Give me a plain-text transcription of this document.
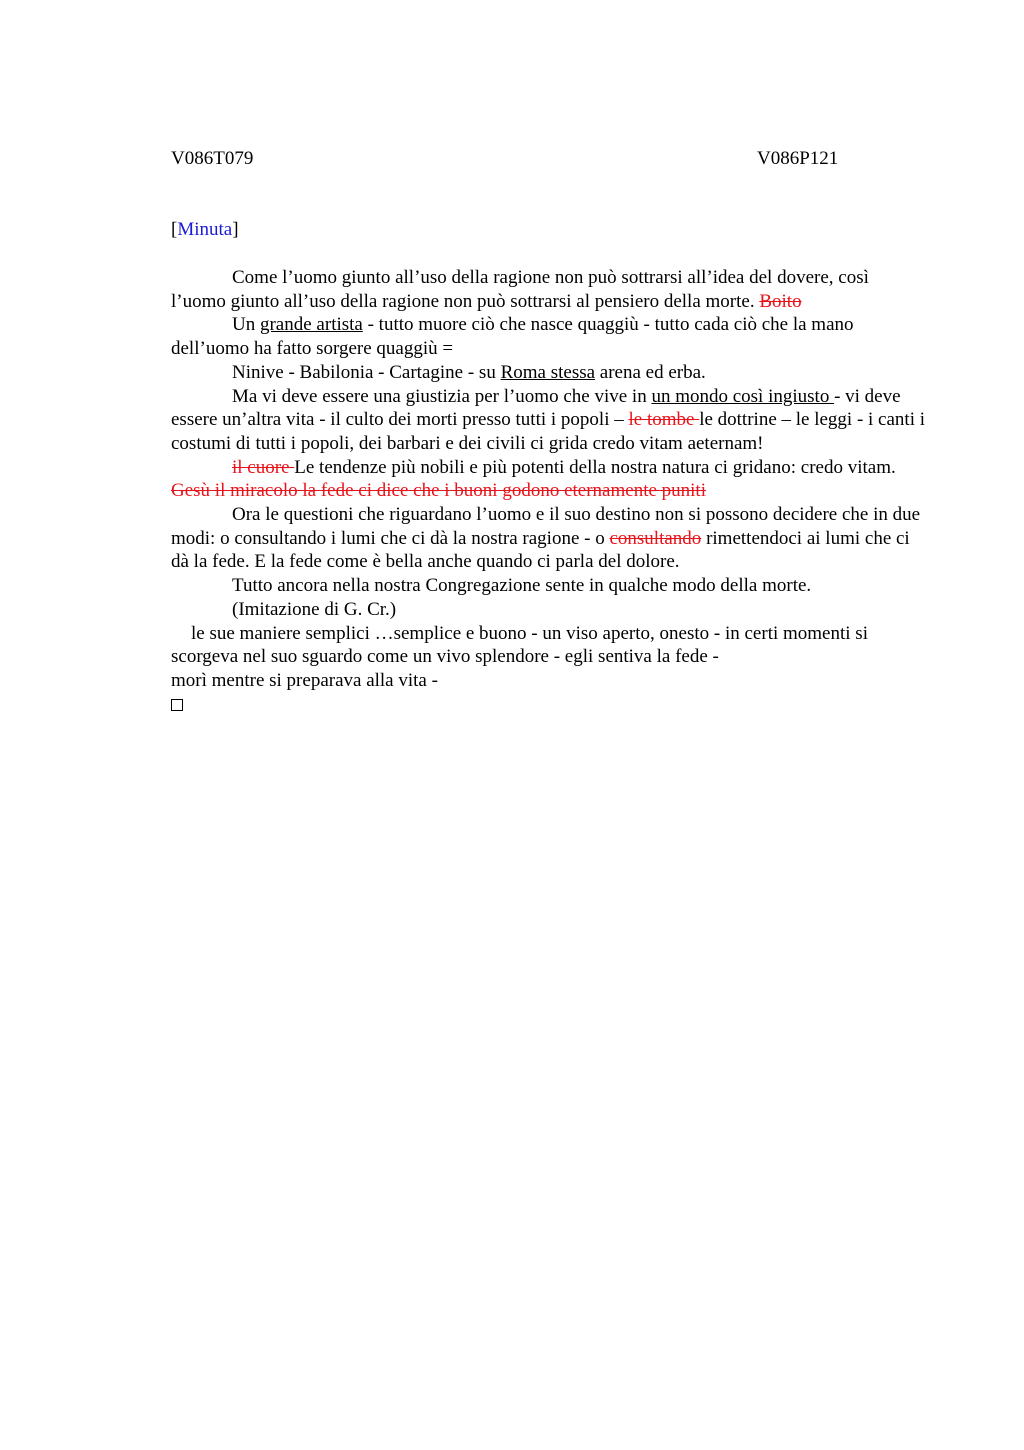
V086T079	V086P121
[Minuta]

Come l’uomo giunto all’uso della ragione non può sottrarsi all’idea del dovere, così l’uomo giunto all’uso della ragione non può sottrarsi al pensiero della morte. Boito

Un grande artista - tutto muore ciò che nasce quaggiù - tutto cada ciò che la mano dell’uomo ha fatto sorgere quaggiù =

Ninive - Babilonia - Cartagine - su Roma stessa arena ed erba.

Ma vi deve essere una giustizia per l’uomo che vive in un mondo così ingiusto - vi deve essere un’altra vita - il culto dei morti presso tutti i popoli – le tombe le dottrine – le leggi - i canti i costumi di tutti i popoli, dei barbari e dei civili ci grida credo vitam aeternam!

il cuore Le tendenze più nobili e più potenti della nostra natura ci gridano: credo vitam. Gesù il miracolo la fede ci dice che i buoni godono eternamente puniti

Ora le questioni che riguardano l’uomo e il suo destino non si possono decidere che in due modi: o consultando i lumi che ci dà la nostra ragione - o consultando rimettendoci ai lumi che ci dà la fede. E la fede come è bella anche quando ci parla del dolore.

Tutto ancora nella nostra Congregazione sente in qualche modo della morte.

(Imitazione di G. Cr.)

le sue maniere semplici …semplice e buono - un viso aperto, onesto - in certi momenti si scorgeva nel suo sguardo come un vivo splendore - egli sentiva la fede -

morì mentre si preparava alla vita -
